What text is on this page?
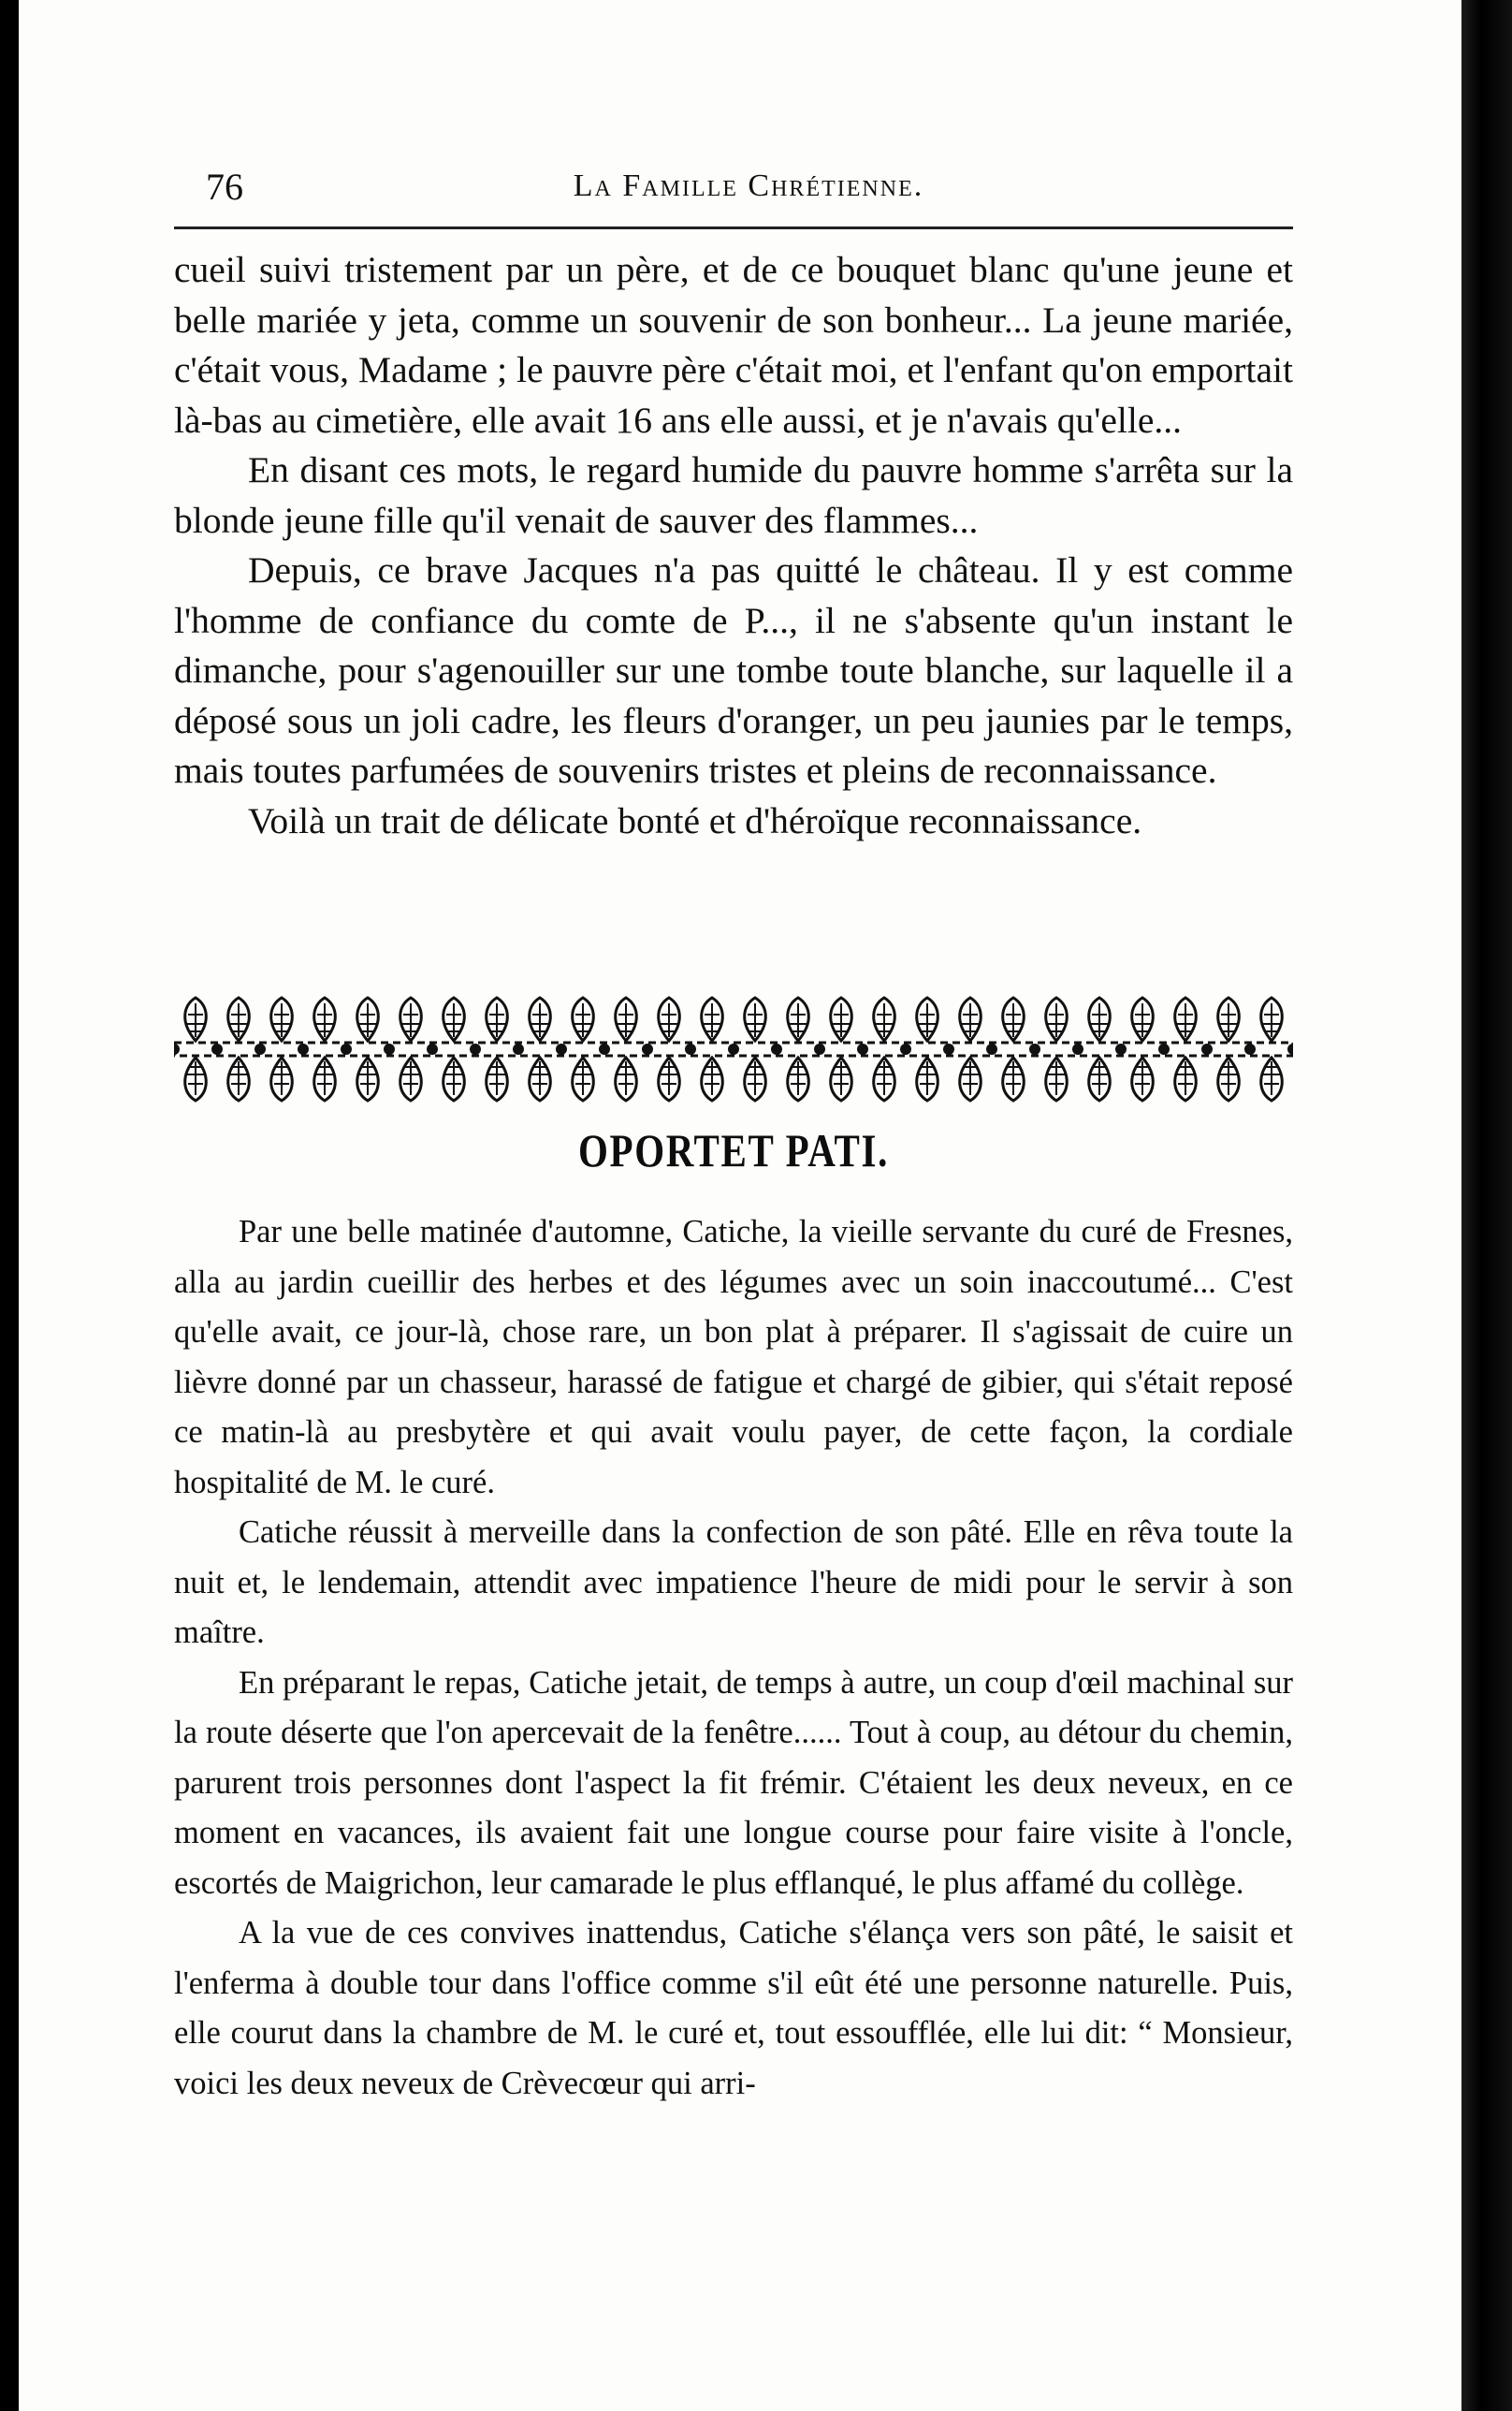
76	La Famille Chrétienne.

cueil suivi tristement par un père, et de ce bouquet blanc qu'une jeune et belle mariée y jeta, comme un souvenir de son bonheur... La jeune mariée, c'était vous, Madame ; le pauvre père c'était moi, et l'enfant qu'on emportait là-bas au cimetière, elle avait 16 ans elle aussi, et je n'avais qu'elle...

En disant ces mots, le regard humide du pauvre homme s'arrêta sur la blonde jeune fille qu'il venait de sauver des flammes...

Depuis, ce brave Jacques n'a pas quitté le château. Il y est comme l'homme de confiance du comte de P..., il ne s'absente qu'un instant le dimanche, pour s'agenouiller sur une tombe toute blanche, sur laquelle il a déposé sous un joli cadre, les fleurs d'oranger, un peu jaunies par le temps, mais toutes parfumées de souvenirs tristes et pleins de reconnaissance.

Voilà un trait de délicate bonté et d'héroïque reconnaissance.

OPORTET PATI.

Par une belle matinée d'automne, Catiche, la vieille servante du curé de Fresnes, alla au jardin cueillir des herbes et des légumes avec un soin inaccoutumé... C'est qu'elle avait, ce jour-là, chose rare, un bon plat à préparer. Il s'agissait de cuire un lièvre donné par un chasseur, harassé de fatigue et chargé de gibier, qui s'était reposé ce matin-là au presbytère et qui avait voulu payer, de cette façon, la cordiale hospitalité de M. le curé.

Catiche réussit à merveille dans la confection de son pâté. Elle en rêva toute la nuit et, le lendemain, attendit avec impatience l'heure de midi pour le servir à son maître.

En préparant le repas, Catiche jetait, de temps à autre, un coup d'œil machinal sur la route déserte que l'on apercevait de la fenêtre...... Tout à coup, au détour du chemin, parurent trois personnes dont l'aspect la fit frémir. C'étaient les deux neveux, en ce moment en vacances, ils avaient fait une longue course pour faire visite à l'oncle, escortés de Maigrichon, leur camarade le plus efflanqué, le plus affamé du collège.

A la vue de ces convives inattendus, Catiche s'élança vers son pâté, le saisit et l'enferma à double tour dans l'office comme s'il eût été une personne naturelle. Puis, elle courut dans la chambre de M. le curé et, tout essoufflée, elle lui dit: “ Monsieur, voici les deux neveux de Crèvecœur qui arri-
